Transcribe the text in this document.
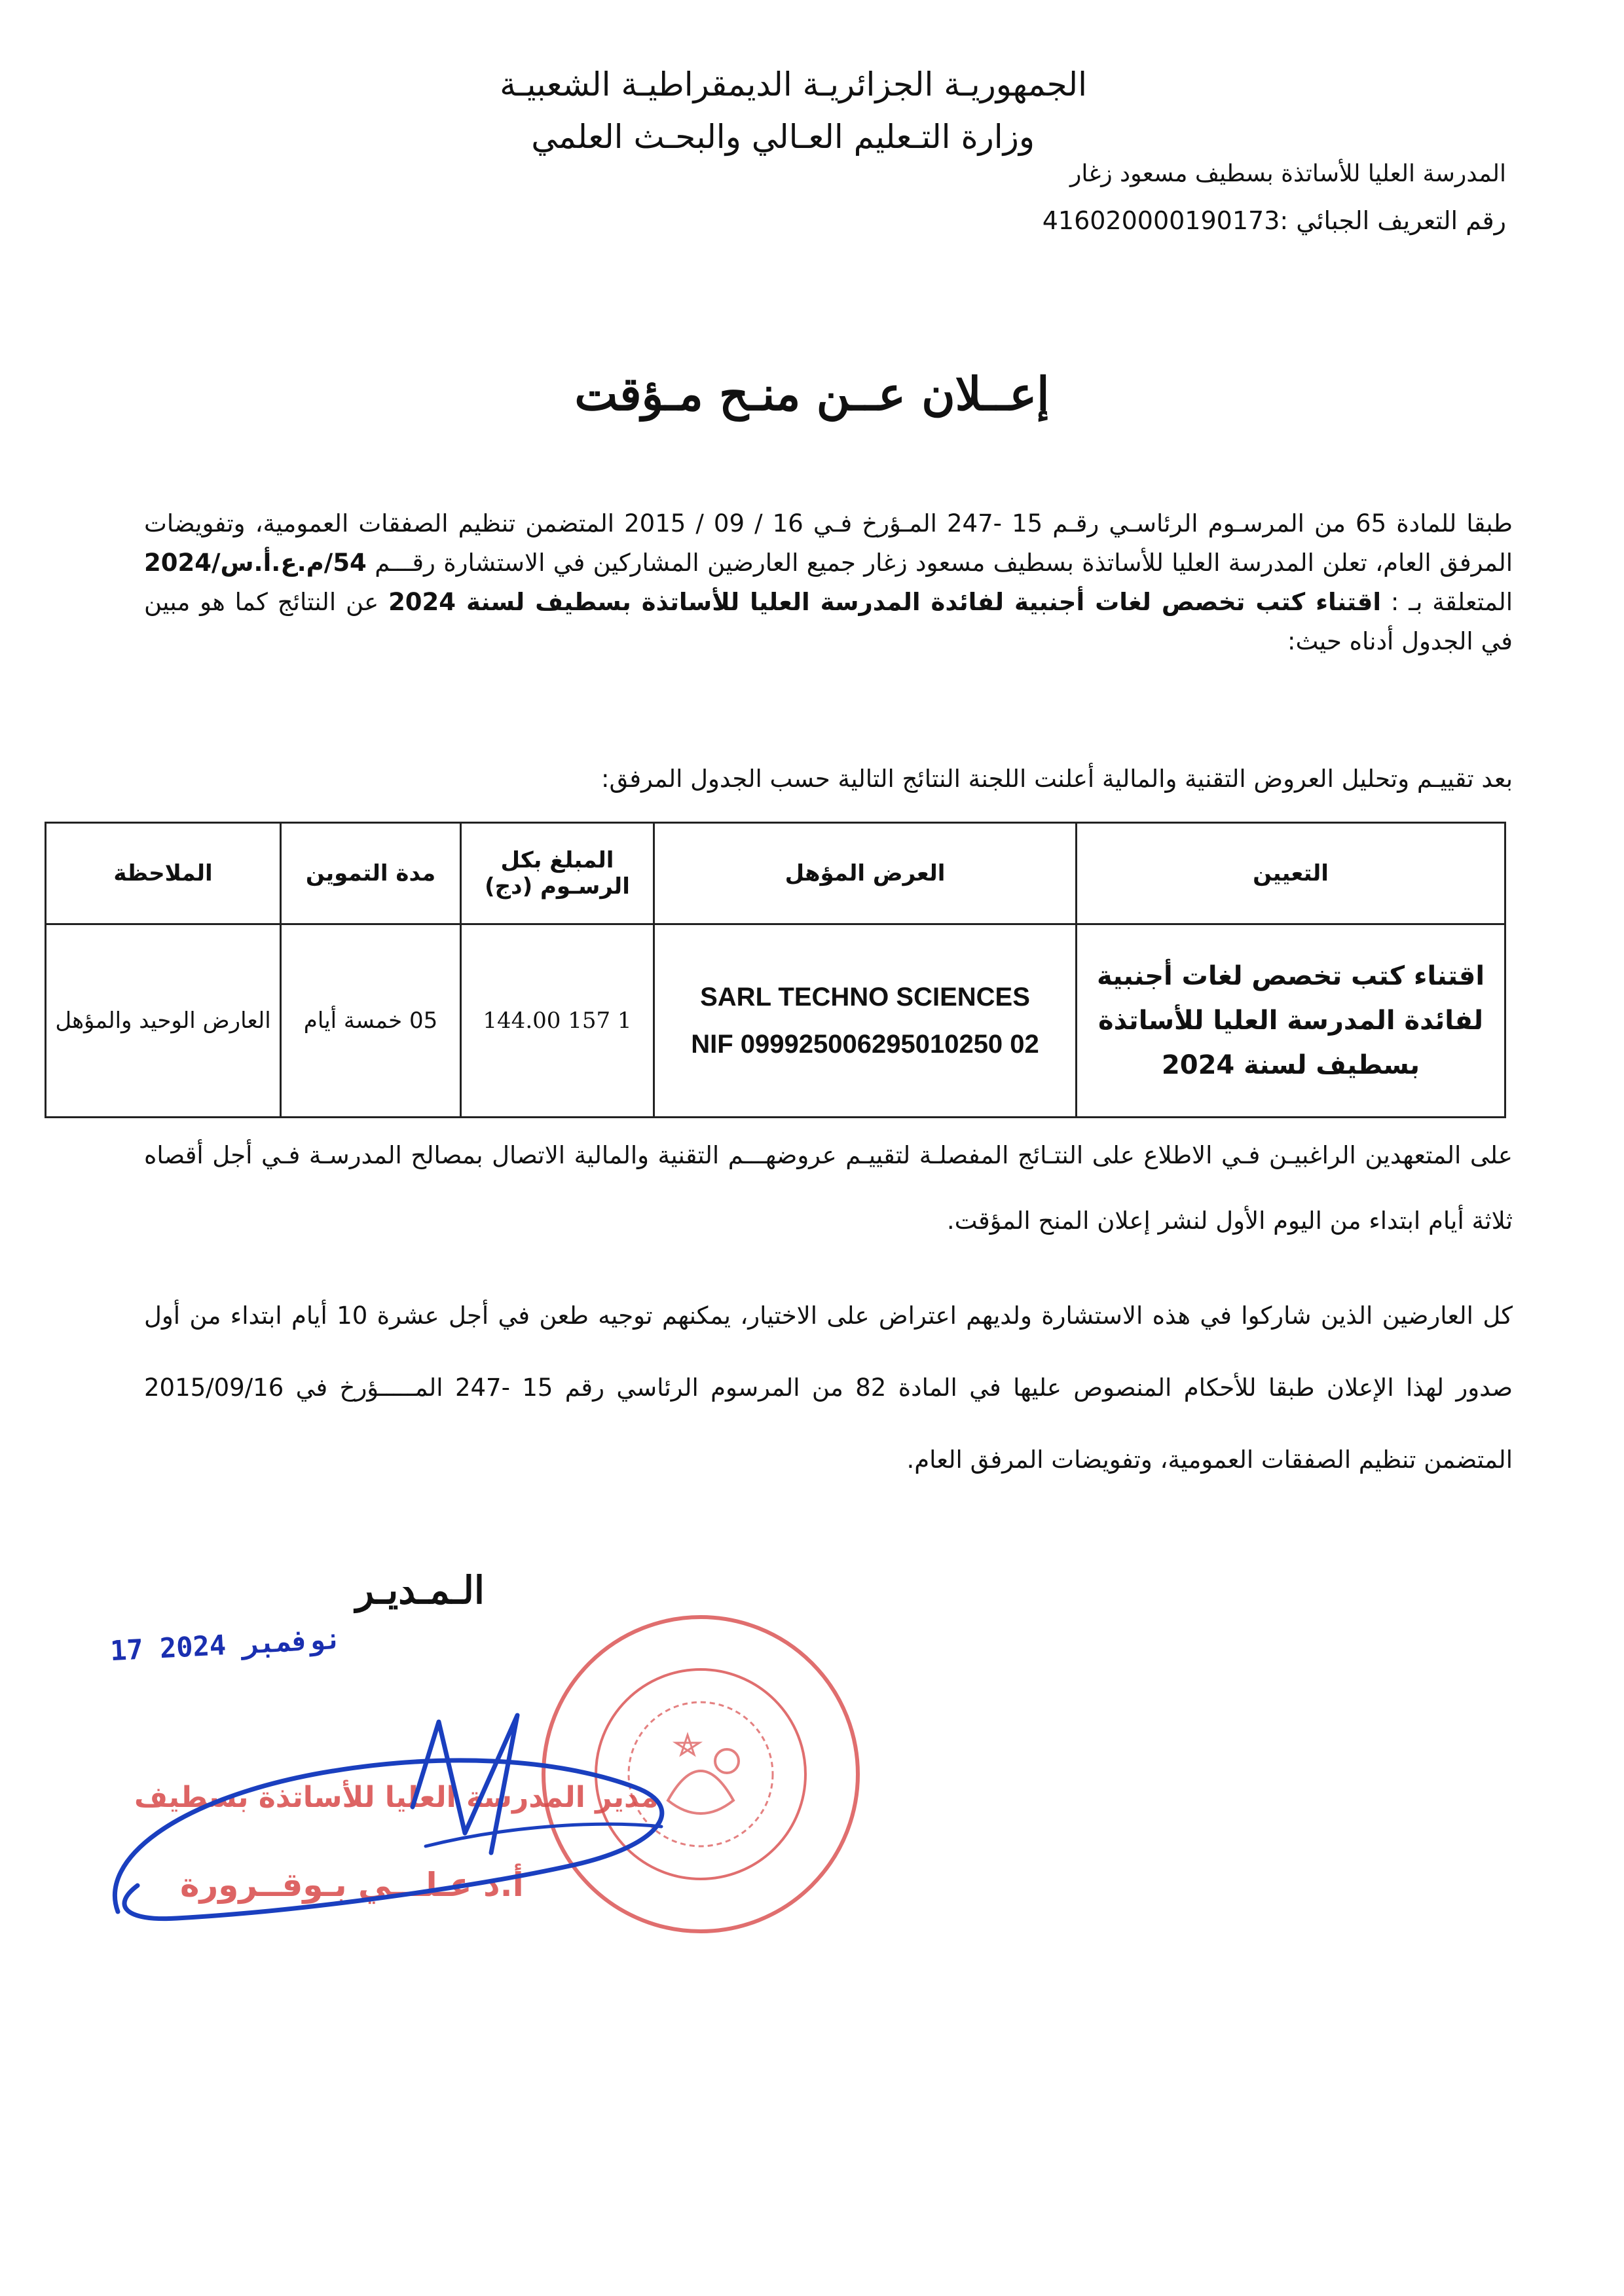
الجمهوريـة الجزائريـة الديمقراطيـة الشعبيـة
وزارة التـعليم العـالي والبحـث العلمي
المدرسة العليا للأساتذة بسطيف مسعود زغار
رقم التعريف الجبائي :416020000190173
إعــلان عــن منـح مـؤقت
طبقا للمادة 65 من المرسـوم الرئاسـي رقـم 15 -247 المـؤرخ فـي 16 / 09 / 2015 المتضمن تنظيم الصفقات العمومية، وتفويضات المرفق العام، تعلن المدرسة العليا للأساتذة بسطيف مسعود زغار جميع العارضين المشاركين في الاستشارة رقـــم 54/م.ع.أ.س/2024 المتعلقة بـ : اقتناء كتب تخصص لغات أجنبية لفائدة المدرسة العليا للأساتذة بسطيف لسنة 2024 عن النتائج كما هو مبين في الجدول أدناه حيث:
بعد تقييـم وتحليل العروض التقنية والمالية أعلنت اللجنة النتائج التالية حسب الجدول المرفق:
التعيين	العرض المؤهل	المبلغ بكل الرسـوم (دج)	مدة التموين	الملاحظة
اقتناء كتب تخصص لغات أجنبية لفائدة المدرسة العليا للأساتذة بسطيف لسنة 2024	SARL TECHNO SCIENCES
NIF 099925006295010250 02	1 157 144.00	05 خمسة أيام	العارض الوحيد والمؤهل
على المتعهدين الراغبيـن فـي الاطلاع على النتـائج المفصلـة لتقييـم عروضهـــم التقنية والمالية الاتصال بمصالح المدرسـة فـي أجل أقصاه ثلاثة أيام ابتداء من اليوم الأول لنشر إعلان المنح المؤقت.
كل العارضين الذين شاركوا في هذه الاستشارة ولديهم اعتراض على الاختيار، يمكنهم توجيه طعن في أجل عشرة 10 أيام ابتداء من أول صدور لهذا الإعلان طبقا للأحكام المنصوص عليها في المادة 82 من المرسوم الرئاسي رقم 15 -247 المـــــؤرخ في 2015/09/16 المتضمن تنظيم الصفقات العمومية، وتفويضات المرفق العام.
الـمـديـر
17 نوفمبر 2024
مدير المدرسة العليا للأساتذة بسطيف
أ.د عـلـــي بـوقــرورة
